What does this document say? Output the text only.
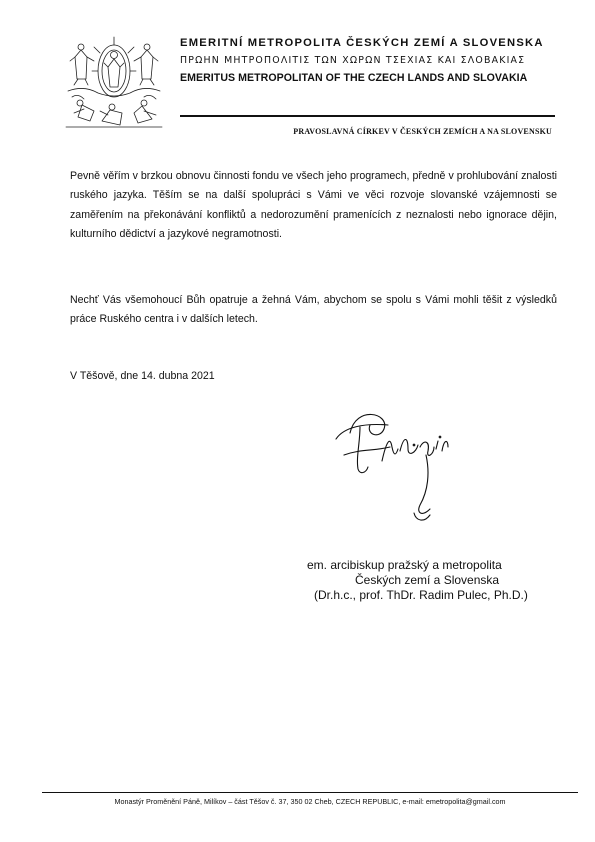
EMERITNÍ METROPOLITA ČESKÝCH ZEMÍ A SLOVENSKA
ΠΡΩΗΝ ΜΗΤΡΟΠΟΛΙΤΙΣ ΤΩΝ ΧΩΡΩΝ ΤΣΕΧΙΑΣ ΚΑΙ ΣΛΟΒΑΚΙΑΣ
EMERITUS METROPOLITAN OF THE CZECH LANDS AND SLOVAKIA
PRAVOSLAVNÁ CÍRKEV V ČESKÝCH ZEMÍCH A NA SLOVENSKU

Pevně věřím v brzkou obnovu činnosti fondu ve všech jeho programech, předně v prohlubování znalosti ruského jazyka. Těším se na další spolupráci s Vámi ve věci rozvoje slovanské vzájemnosti se zaměřením na překonávání konfliktů a nedorozumění pramenících z neznalosti nebo ignorace dějin, kulturního dědictví a jazykové negramotnosti.

Nechť Vás všemohoucí Bůh opatruje a žehná Vám, abychom se spolu s Vámi mohli těšit z výsledků práce Ruského centra i v dalších letech.

V Těšově, dne 14. dubna 2021
em. arcibiskup pražský a metropolita
Českých zemí a Slovenska
(Dr.h.c., prof. ThDr. Radim Pulec, Ph.D.)
Monastýr Proměnění Páně, Milíkov – část Těšov č. 37, 350 02 Cheb, CZECH REPUBLIC, e-mail: emetropolita@gmail.com
